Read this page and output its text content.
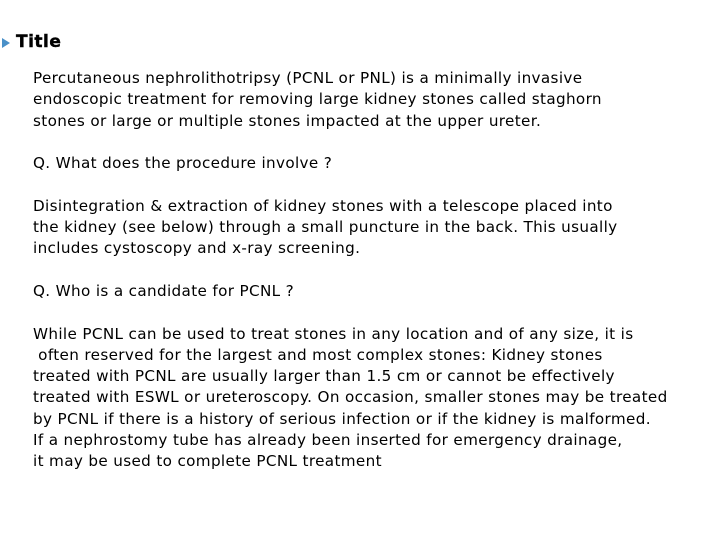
Title
Percutaneous nephrolithotripsy (PCNL or PNL) is a minimally invasive
endoscopic treatment for removing large kidney stones called staghorn
stones or large or multiple stones impacted at the upper ureter.
Q. What does the procedure involve ?
Disintegration & extraction of kidney stones with a telescope placed into
the kidney (see below) through a small puncture in the back. This usually
includes cystoscopy and x-ray screening.
Q. Who is a candidate for PCNL ?
While PCNL can be used to treat stones in any location and of any size, it is
often reserved for the largest and most complex stones: Kidney stones
treated with PCNL are usually larger than 1.5 cm or cannot be effectively
treated with ESWL or ureteroscopy. On occasion, smaller stones may be treated
by PCNL if there is a history of serious infection or if the kidney is malformed.
If a nephrostomy tube has already been inserted for emergency drainage,
it may be used to complete PCNL treatment
